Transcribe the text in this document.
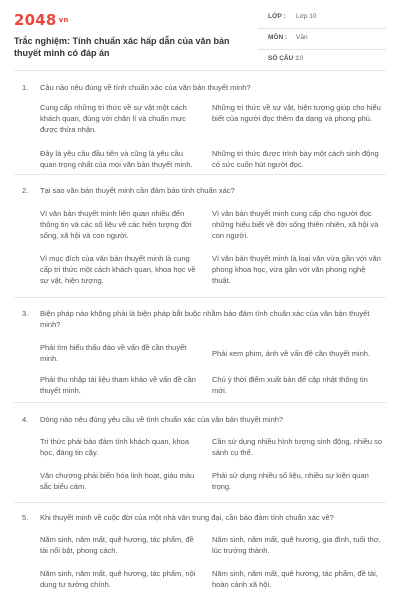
2048 $^{vn}$
Trắc nghiệm: Tính chuẩn xác hấp dẫn của văn bản thuyết minh có đáp án
LỚP : Lớp 10
MÔN : Văn
SỐ CÂU :
10
1. Câu nào nêu đúng về tính chuẩn xác của văn bản thuyết minh?
Cung cấp những tri thức về sự vật một cách khách quan, đúng với chân lí và chuẩn mực được thừa nhận.
Những tri thức về sự vật, hiện tượng giúp cho hiểu biết của người đọc thêm đa dạng và phong phú.
Đây là yêu cầu đầu tiên và cũng là yêu cầu quan trọng nhất của mọi văn bản thuyết minh.
Những tri thức được trình bày một cách sinh động có sức cuốn hút người đọc.
2. Tại sao văn bản thuyết minh cần đảm bảo tính chuẩn xác?
Vì văn bản thuyết minh liên quan nhiều đến thông tin và các số liệu về các hiện tượng đời sống, xã hội và con người.
Vì văn bản thuyết minh cung cấp cho người đọc những hiểu biết về đời sống thiên nhiên, xã hội và con người.
Vì mục đích của văn bản thuyết minh là cung cấp tri thức một cách khách quan, khoa học về sự vật, hiện tượng.
Vì văn bản thuyết minh là loại văn vừa gần với văn phong khoa học, vừa gần với văn phong nghệ thuật.
3. Biện pháp nào không phải là biện pháp bắt buộc nhằm bảo đảm tính chuẩn xác của văn bản thuyết minh?
Phải tìm hiểu thấu đáo về vấn đề cần thuyết minh.
Phải xem phim, ảnh về vấn đề cần thuyết minh.
Phải thu nhập tài liệu tham khảo về vấn đề cần thuyết minh.
Chú ý thời điểm xuất bản để cập nhật thông tin mới.
4. Dòng nào nêu đúng yêu cầu về tính chuẩn xác của văn bản thuyết minh?
Tri thức phải bảo đảm tính khách quan, khoa học, đáng tin cậy.
Cần sử dụng nhiều hình tượng sinh động, nhiều so sánh cụ thể.
Văn chương phải biến hóa linh hoạt, giàu màu sắc biểu cảm.
Phải sử dụng nhiều số liệu, nhiều sự kiện quan trọng.
5. Khi thuyết minh về cuộc đời của một nhà văn trung đại, cần bảo đảm tính chuẩn xác về?
Năm sinh, năm mất, quê hương, tác phẩm, đề tài nổi bật, phong cách.
Năm sinh, năm mất, quê hương, gia đình, tuổi thơ, lúc trưởng thành.
Năm sinh, năm mất, quê hương, tác phẩm, nội dung tư tưởng chính.
Năm sinh, năm mất, quê hương, tác phẩm, đề tài, hoàn cảnh xã hội.
